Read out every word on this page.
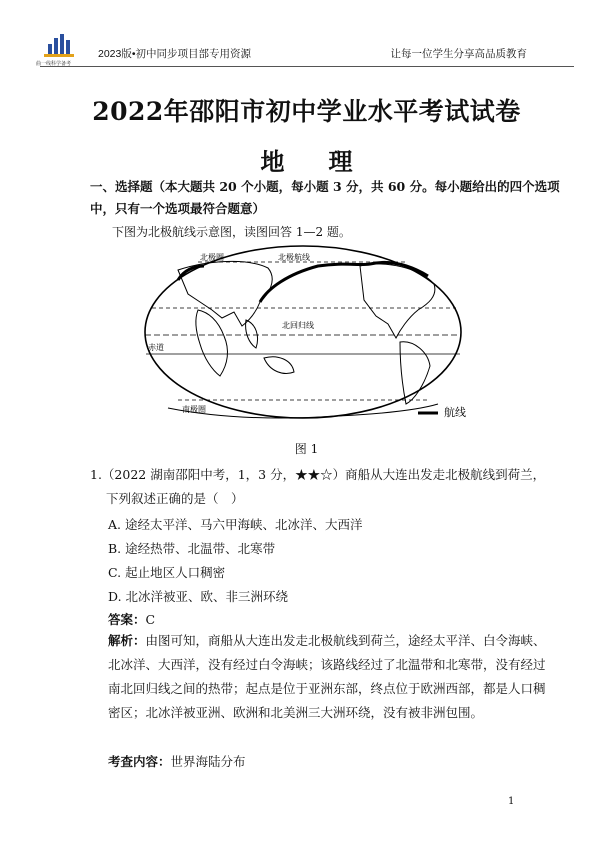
曲一线科学备考
2023版•初中同步项目部专用资源	让每一位学生分享高品质教育
2022年邵阳市初中学业水平考试试卷
地 理
一、选择题（本大题共 20 个小题，每小题 3 分，共 60 分。每小题给出的四个选项中，只有一个选项最符合题意）
下图为北极航线示意图，读图回答 1—2 题。
北极圈	北极航线
北回归线
赤道
南极圈	航线
图 1
1.（2022 湖南邵阳中考，1，3 分，★★☆）商船从大连出发走北极航线到荷兰，
下列叙述正确的是（　）
A. 途经太平洋、马六甲海峡、北冰洋、大西洋
B. 途经热带、北温带、北寒带
C. 起止地区人口稠密
D. 北冰洋被亚、欧、非三洲环绕
答案：C
解析：由图可知，商船从大连出发走北极航线到荷兰，途经太平洋、白令海峡、北冰洋、大西洋，没有经过白令海峡；该路线经过了北温带和北寒带，没有经过南北回归线之间的热带；起点是位于亚洲东部，终点位于欧洲西部，都是人口稠密区；北冰洋被亚洲、欧洲和北美洲三大洲环绕，没有被非洲包围。
考查内容：世界海陆分布
1
